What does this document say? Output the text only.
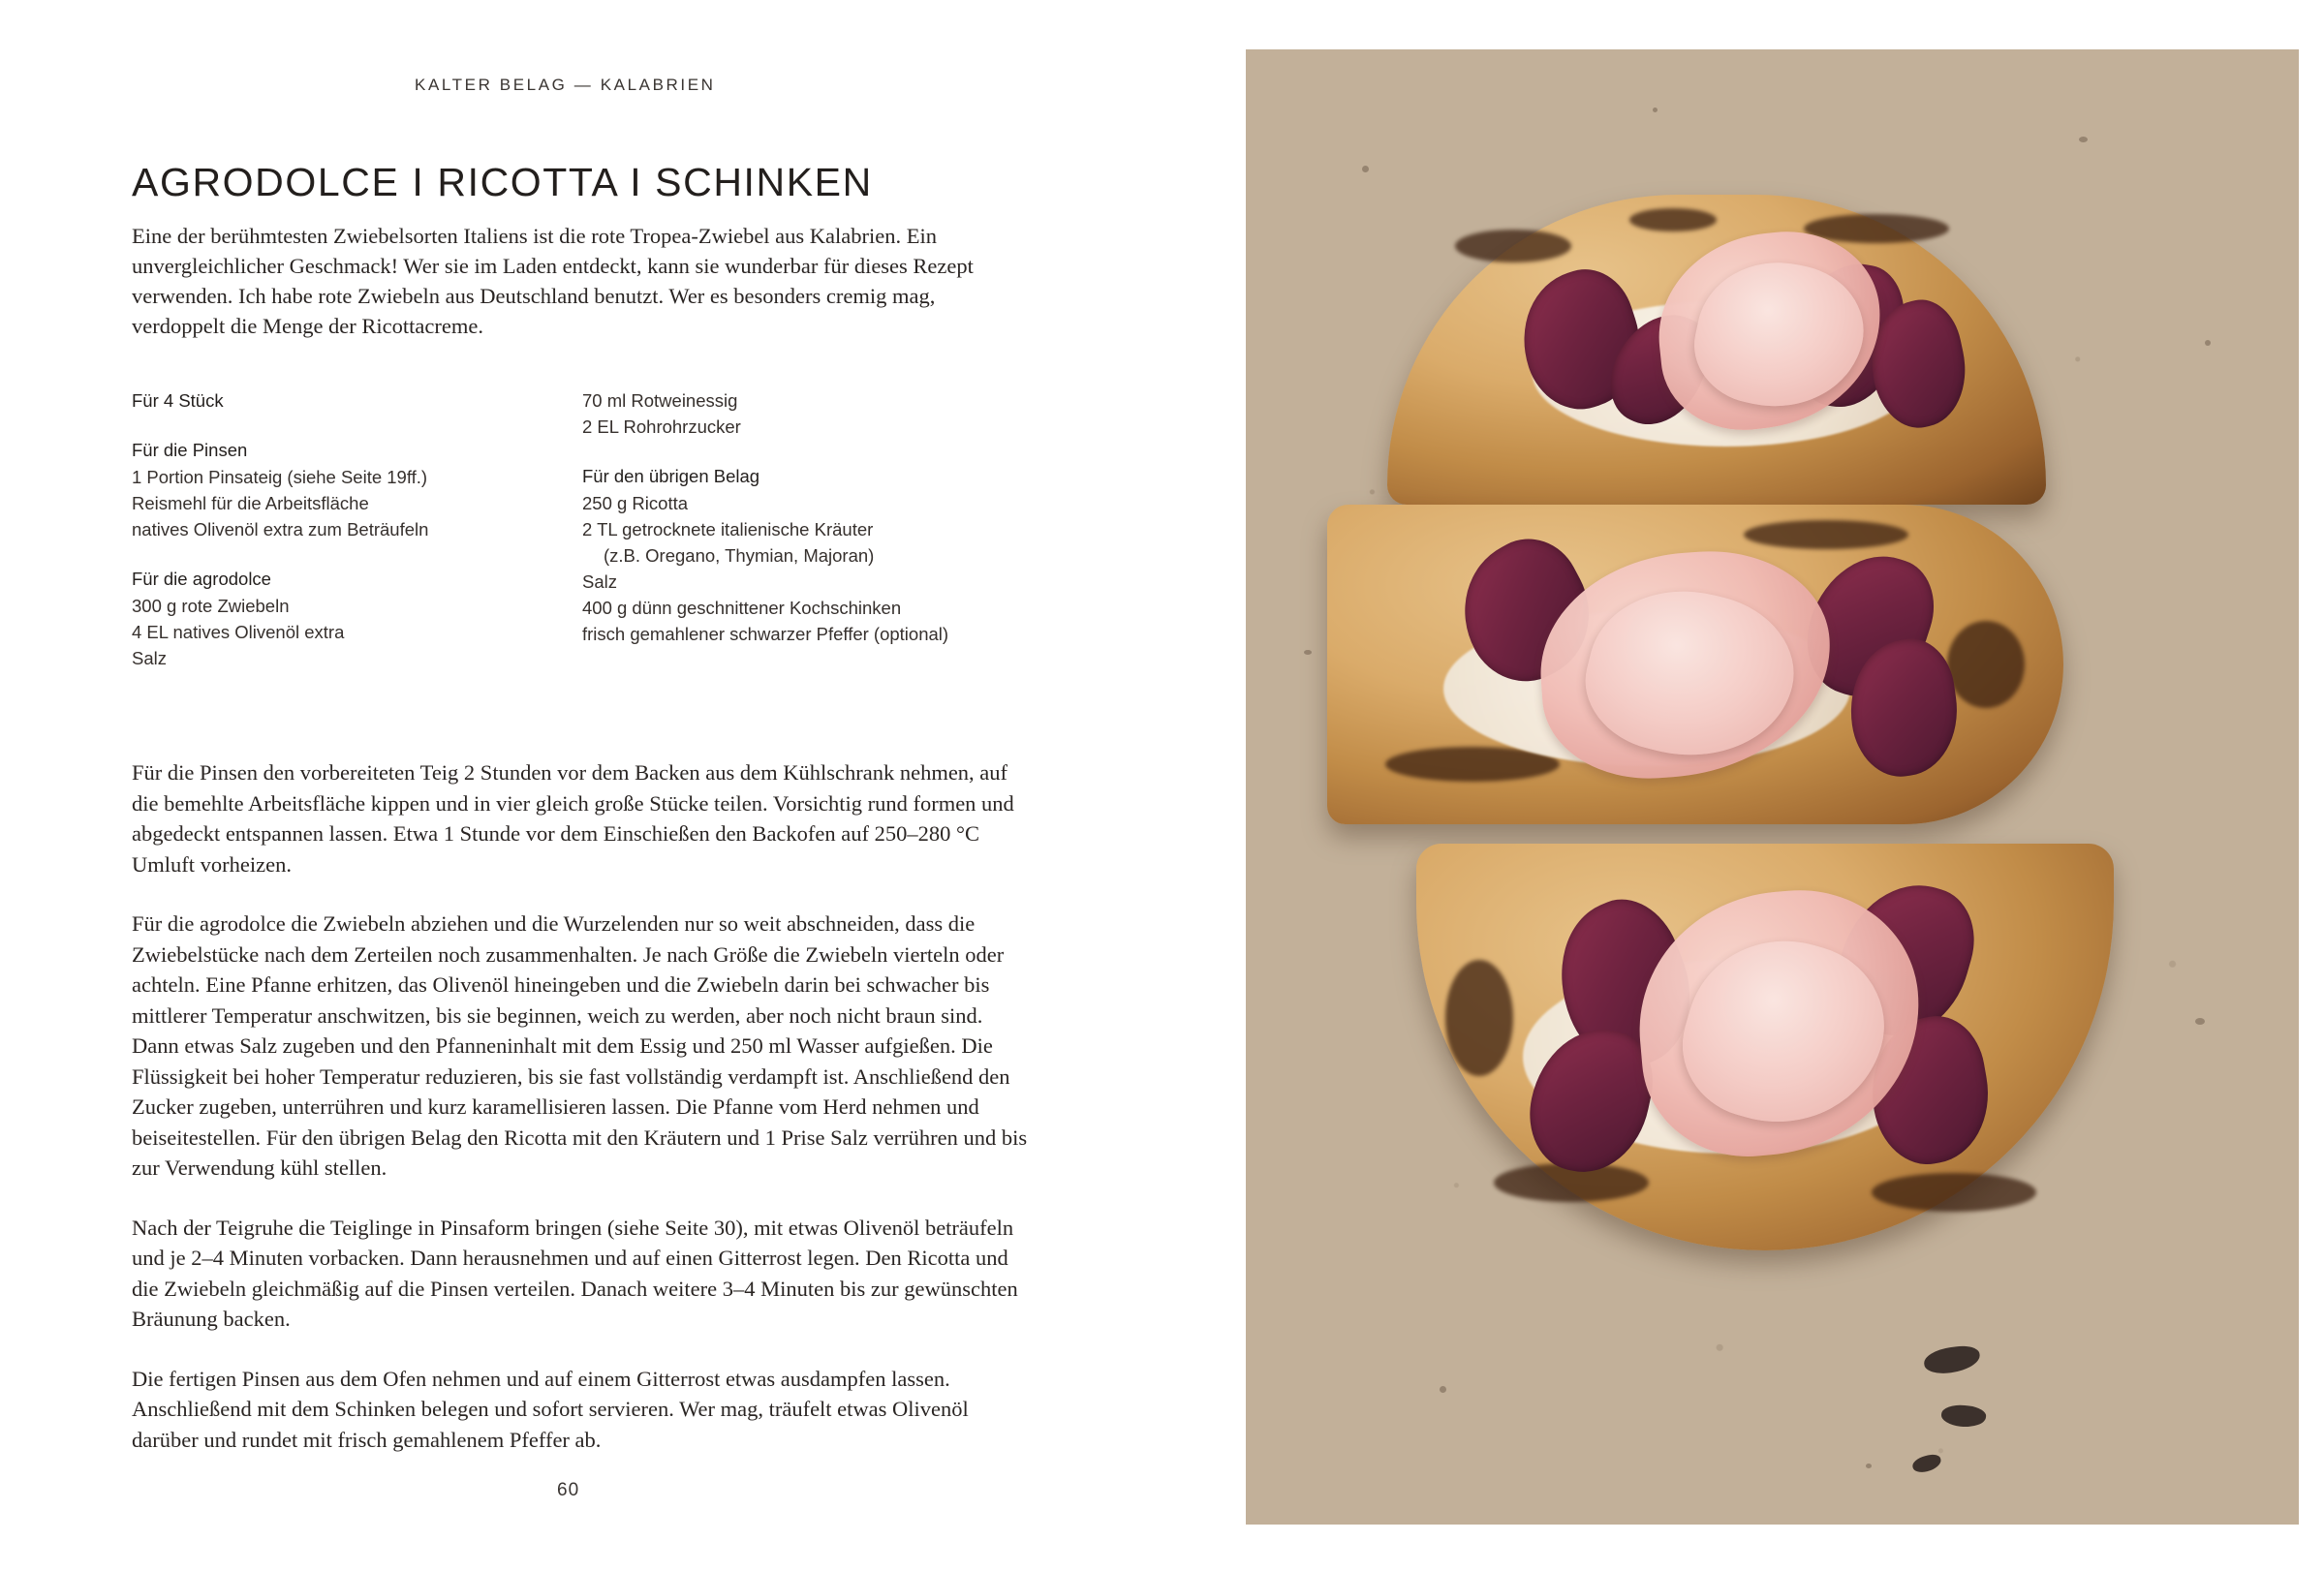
KALTER BELAG — KALABRIEN
AGRODOLCE I RICOTTA I SCHINKEN
Eine der berühmtesten Zwiebelsorten Italiens ist die rote Tropea-Zwiebel aus Kalabrien. Ein unvergleichlicher Geschmack! Wer sie im Laden entdeckt, kann sie wunderbar für dieses Rezept verwenden. Ich habe rote Zwiebeln aus Deutschland benutzt. Wer es besonders cremig mag, verdoppelt die Menge der Ricottacreme.
Für 4 Stück
Für die Pinsen
1 Portion Pinsateig (siehe Seite 19ff.)
Reismehl für die Arbeitsfläche
natives Olivenöl extra zum Beträufeln
Für die agrodolce
300 g rote Zwiebeln
4 EL natives Olivenöl extra
Salz
70 ml Rotweinessig
2 EL Rohrohrzucker
Für den übrigen Belag
250 g Ricotta
2 TL getrocknete italienische Kräuter
(z.B. Oregano, Thymian, Majoran)
Salz
400 g dünn geschnittener Kochschinken
frisch gemahlener schwarzer Pfeffer (optional)

Für die Pinsen den vorbereiteten Teig 2 Stunden vor dem Backen aus dem Kühlschrank nehmen, auf die bemehlte Arbeitsfläche kippen und in vier gleich große Stücke teilen. Vorsichtig rund formen und abgedeckt entspannen lassen. Etwa 1 Stunde vor dem Einschießen den Backofen auf 250–280 °C Umluft vorheizen.

Für die agrodolce die Zwiebeln abziehen und die Wurzelenden nur so weit abschneiden, dass die Zwiebelstücke nach dem Zerteilen noch zusammenhalten. Je nach Größe die Zwiebeln vierteln oder achteln. Eine Pfanne erhitzen, das Olivenöl hineingeben und die Zwiebeln darin bei schwacher bis mittlerer Temperatur anschwitzen, bis sie beginnen, weich zu werden, aber noch nicht braun sind. Dann etwas Salz zugeben und den Pfanneninhalt mit dem Essig und 250 ml Wasser aufgießen. Die Flüssigkeit bei hoher Temperatur reduzieren, bis sie fast vollständig verdampft ist. Anschließend den Zucker zugeben, unterrühren und kurz karamellisieren lassen. Die Pfanne vom Herd nehmen und beiseitestellen. Für den übrigen Belag den Ricotta mit den Kräutern und 1 Prise Salz verrühren und bis zur Verwendung kühl stellen.

Nach der Teigruhe die Teiglinge in Pinsaform bringen (siehe Seite 30), mit etwas Olivenöl beträufeln und je 2–4 Minuten vorbacken. Dann herausnehmen und auf einen Gitterrost legen. Den Ricotta und die Zwiebeln gleichmäßig auf die Pinsen verteilen. Danach weitere 3–4 Minuten bis zur gewünschten Bräunung backen.

Die fertigen Pinsen aus dem Ofen nehmen und auf einem Gitterrost etwas ausdampfen lassen. Anschließend mit dem Schinken belegen und sofort servieren. Wer mag, träufelt etwas Olivenöl darüber und rundet mit frisch gemahlenem Pfeffer ab.

60
